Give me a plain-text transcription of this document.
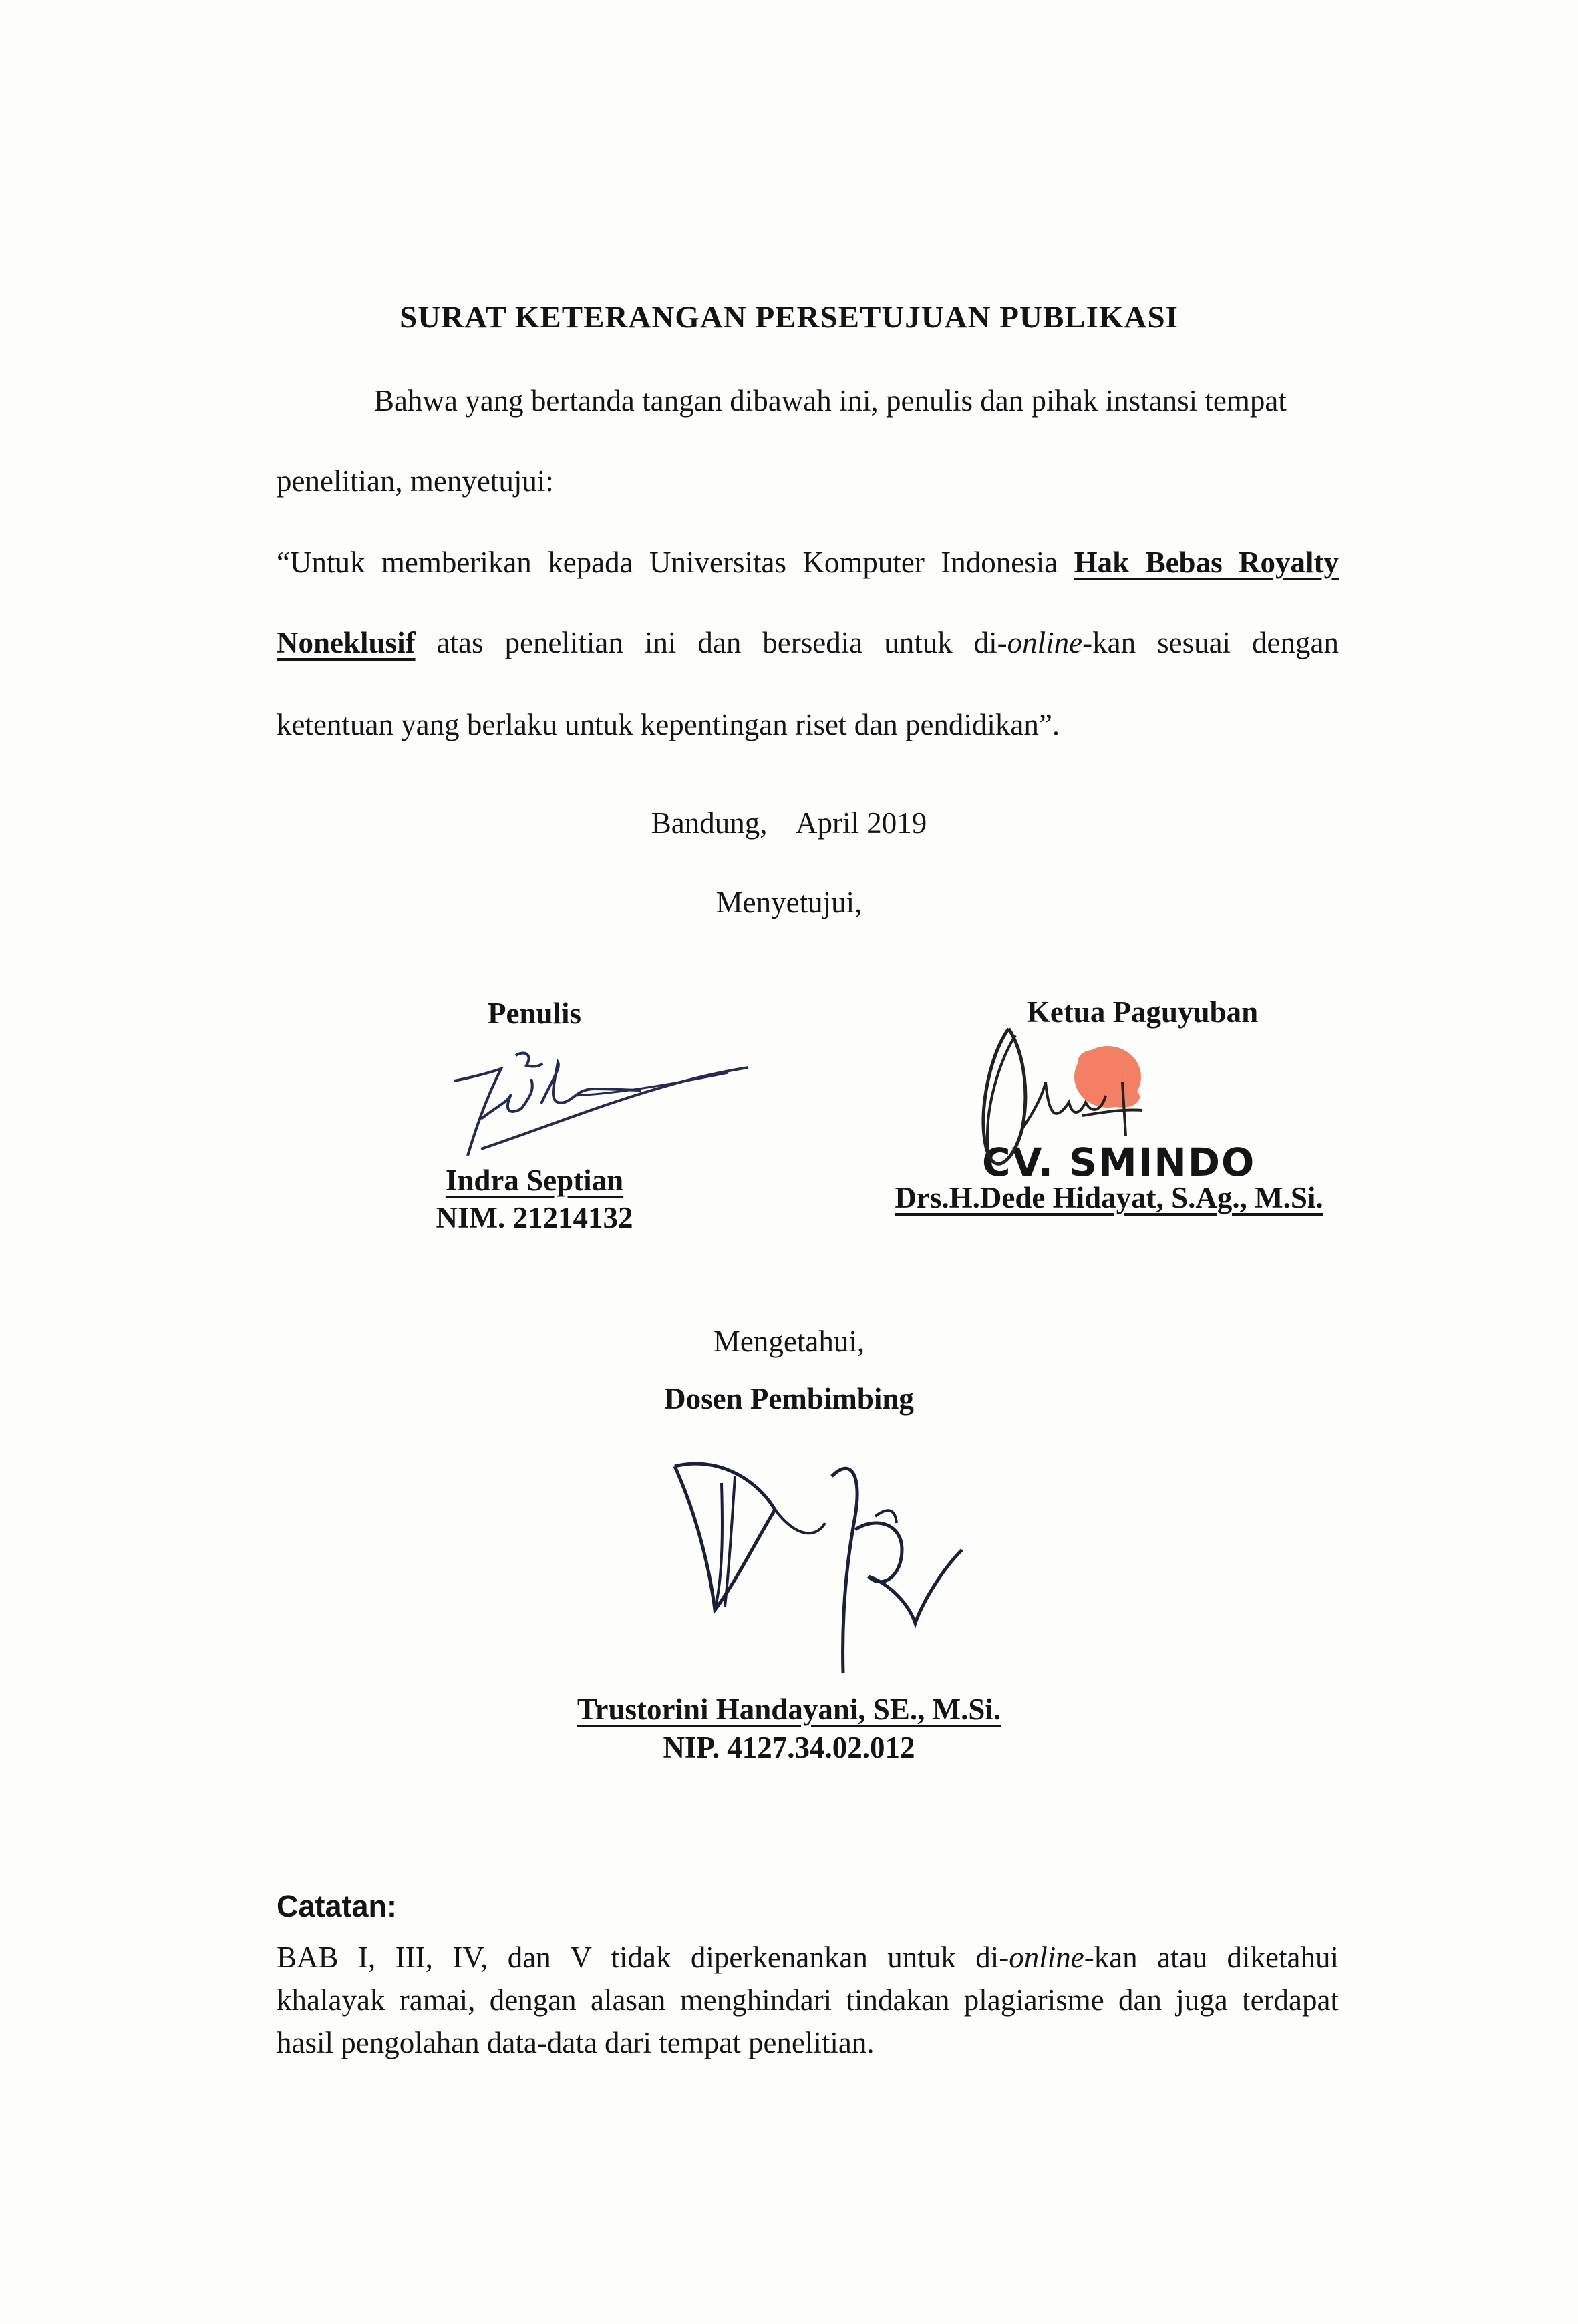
SURAT KETERANGAN PERSETUJUAN PUBLIKASI
Bahwa yang bertanda tangan dibawah ini, penulis dan pihak instansi tempat
penelitian, menyetujui:
“Untuk memberikan kepada Universitas Komputer Indonesia Hak Bebas Royalty
Noneklusif atas penelitian ini dan bersedia untuk di-online-kan sesuai dengan
ketentuan yang berlaku untuk kepentingan riset dan pendidikan”.
Bandung,    April 2019
Menyetujui,
Penulis
Indra Septian
NIM. 21214132
Ketua Paguyuban
CV. SMINDO
Drs.H.Dede Hidayat, S.Ag., M.Si.
Mengetahui,
Dosen Pembimbing
Trustorini Handayani, SE., M.Si.
NIP. 4127.34.02.012
Catatan:
BAB I, III, IV, dan V tidak diperkenankan untuk di-online-kan atau diketahui
khalayak ramai, dengan alasan menghindari tindakan plagiarisme dan juga terdapat
hasil pengolahan data-data dari tempat penelitian.
